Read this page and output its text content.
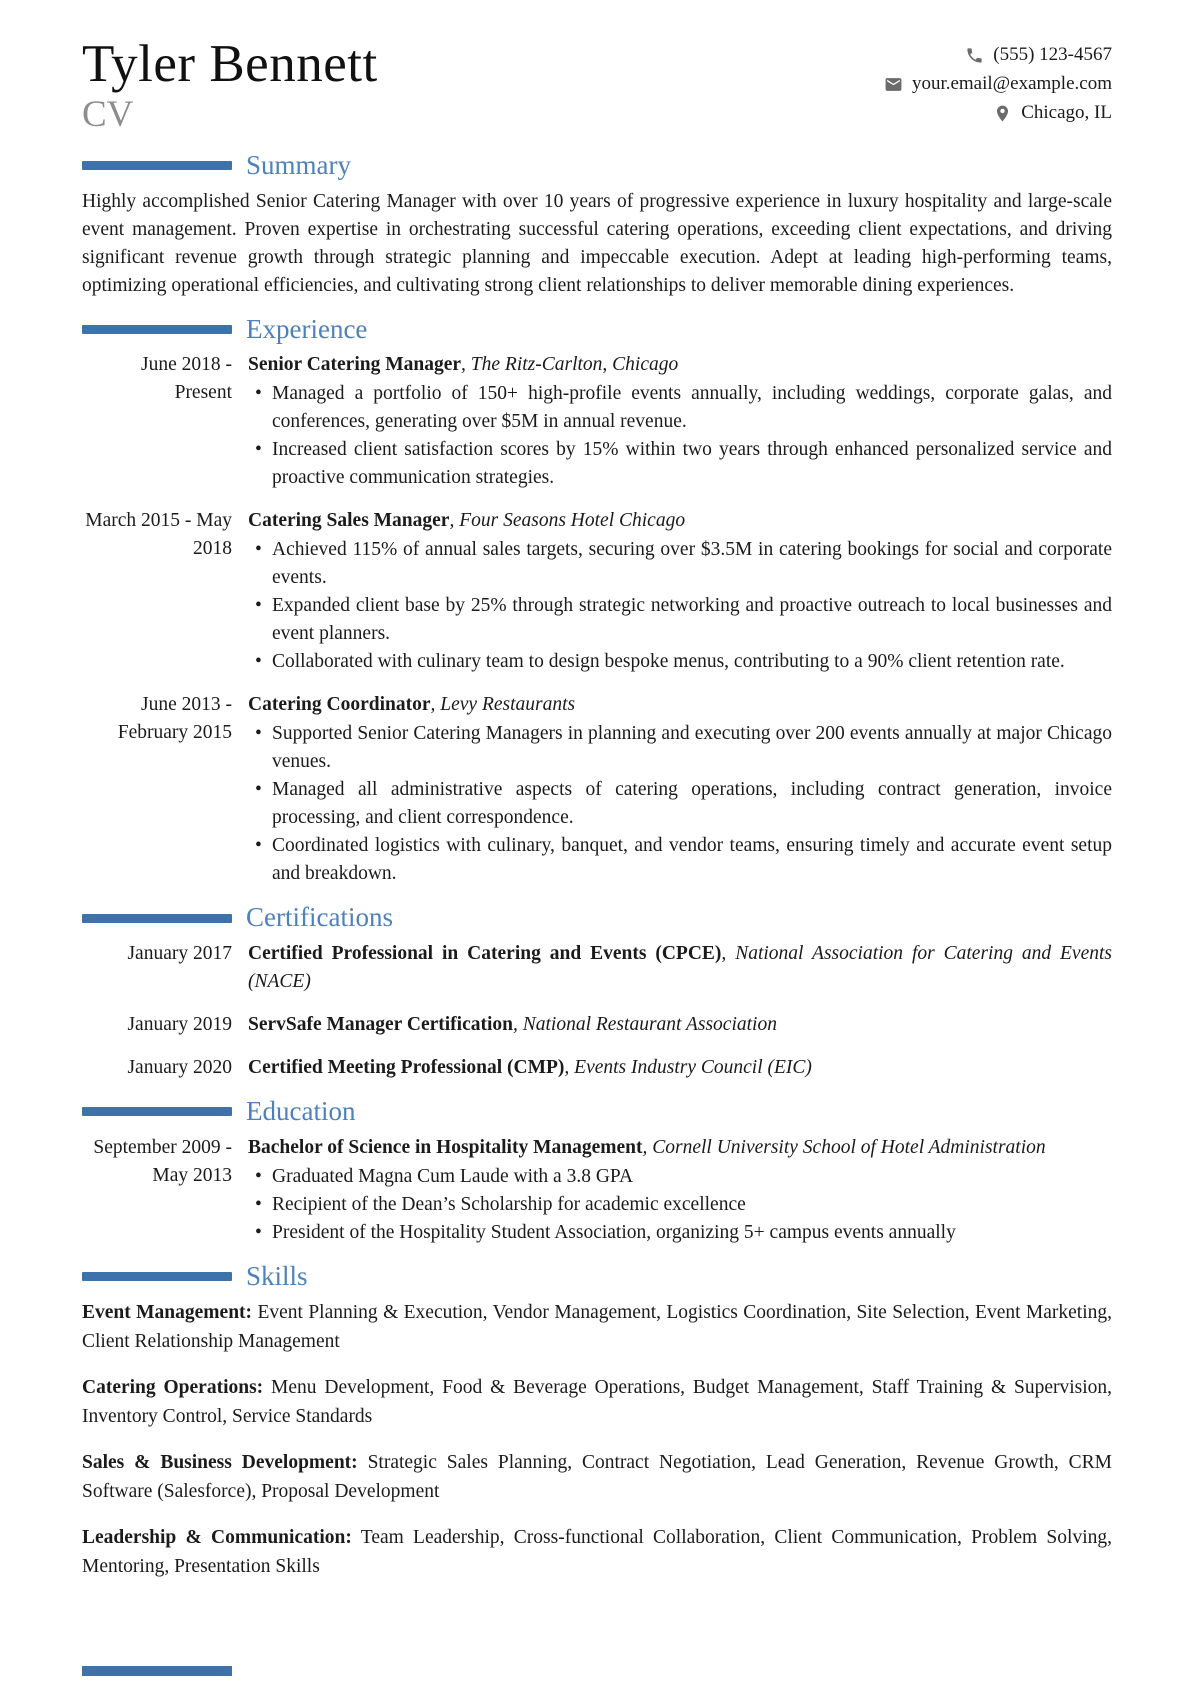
Tyler Bennett
CV
(555) 123-4567
your.email@example.com
Chicago, IL
Summary

Highly accomplished Senior Catering Manager with over 10 years of progressive experience in luxury hospitality and large-scale event management. Proven expertise in orchestrating successful catering operations, exceeding client expectations, and driving significant revenue growth through strategic planning and impeccable execution. Adept at leading high-performing teams, optimizing operational efficiencies, and cultivating strong client relationships to deliver memorable dining experiences.

Experience
June 2018 - Present
Senior Catering Manager , The Ritz-Carlton, Chicago
• Managed a portfolio of 150+ high-profile events annually, including weddings, corporate galas, and conferences, generating over $5M in annual revenue.
• Increased client satisfaction scores by 15% within two years through enhanced personalized service and proactive communication strategies.
March 2015 - May 2018
Catering Sales Manager , Four Seasons Hotel Chicago
• Achieved 115% of annual sales targets, securing over $3.5M in catering bookings for social and corporate events.
• Expanded client base by 25% through strategic networking and proactive outreach to local businesses and event planners.
• Collaborated with culinary team to design bespoke menus, contributing to a 90% client retention rate.
June 2013 - February 2015
Catering Coordinator , Levy Restaurants
• Supported Senior Catering Managers in planning and executing over 200 events annually at major Chicago venues.
• Managed all administrative aspects of catering operations, including contract generation, invoice processing, and client correspondence.
• Coordinated logistics with culinary, banquet, and vendor teams, ensuring timely and accurate event setup and breakdown.
Certifications
January 2017 Certified Professional in Catering and Events (CPCE) , National Association for Catering and Events (NACE)
January 2019 ServSafe Manager Certification , National Restaurant Association
January 2020 Certified Meeting Professional (CMP) , Events Industry Council (EIC)
Education
September 2009 - May 2013
Bachelor of Science in Hospitality Management , Cornell University School of Hotel Administration
• Graduated Magna Cum Laude with a 3.8 GPA
• Recipient of the Dean’s Scholarship for academic excellence
• President of the Hospitality Student Association, organizing 5+ campus events annually
Skills

Event Management: Event Planning & Execution, Vendor Management, Logistics Coordination, Site Selection, Event Marketing, Client Relationship Management

Catering Operations: Menu Development, Food & Beverage Operations, Budget Management, Staff Training & Supervision, Inventory Control, Service Standards

Sales & Business Development: Strategic Sales Planning, Contract Negotiation, Lead Generation, Revenue Growth, CRM Software (Salesforce), Proposal Development

Leadership & Communication: Team Leadership, Cross-functional Collaboration, Client Communication, Problem Solving, Mentoring, Presentation Skills
